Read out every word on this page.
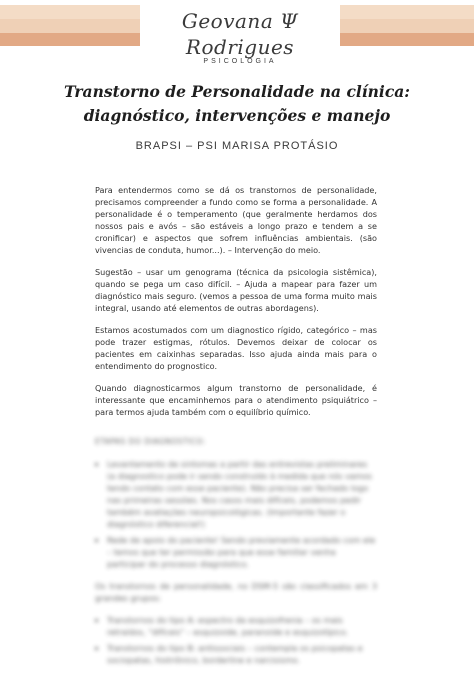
Geovana Ψ Rodrigues
PSICOLOGIA
Transtorno de Personalidade na clínica:
diagnóstico, intervenções e manejo
BRAPSI – PSI MARISA PROTÁSIO

Para entendermos como se dá os transtornos de personalidade, precisamos compreender a fundo como se forma a personalidade. A personalidade é o temperamento (que geralmente herdamos dos nossos pais e avós – são estáveis a longo prazo e tendem a se cronificar) e aspectos que sofrem influências ambientais. (são vivencias de conduta, humor...). – Intervenção do meio.

Sugestão – usar um genograma (técnica da psicologia sistêmica), quando se pega um caso difícil. – Ajuda a mapear para fazer um diagnóstico mais seguro. (vemos a pessoa de uma forma muito mais integral, usando até elementos de outras abordagens).

Estamos acostumados com um diagnostico rígido, categórico – mas pode trazer estigmas, rótulos. Devemos deixar de colocar os pacientes em caixinhas separadas. Isso ajuda ainda mais para o entendimento do prognostico.

Quando diagnosticarmos algum transtorno de personalidade, é interessante que encaminhemos para o atendimento psiquiátrico – para termos ajuda também com o equilíbrio químico.

ETAPAS DO DIAGNÓSTICO:
• Levantamento de sintomas a partir das entrevistas preliminares (a diagnostico pode ir sendo construído à medida que nós vamos tendo contato com esse paciente). Não precisa ser fechado logo nas primeiras sessões. Nos casos mais difíceis, podemos pedir também avaliações neuropsicológicas. (Importante fazer o diagnóstico diferencial!)
• Rede de apoio do paciente! Sendo previamente acordado com ele – temos que ter permissão para que esse familiar venha participar do processo diagnóstico.

Os transtornos de personalidade, no DSM-5 são classificados em 3 grandes grupos:

• Transtornos do tipo A: espectro da esquizofrenia – os mais retraídos, "difíceis" – esquizoide, paranoide e esquizotípico.
• Transtornos do tipo B: antissociais – contempla os psicopatas e sociopatas, histriônico, borderline e narcisismo.
